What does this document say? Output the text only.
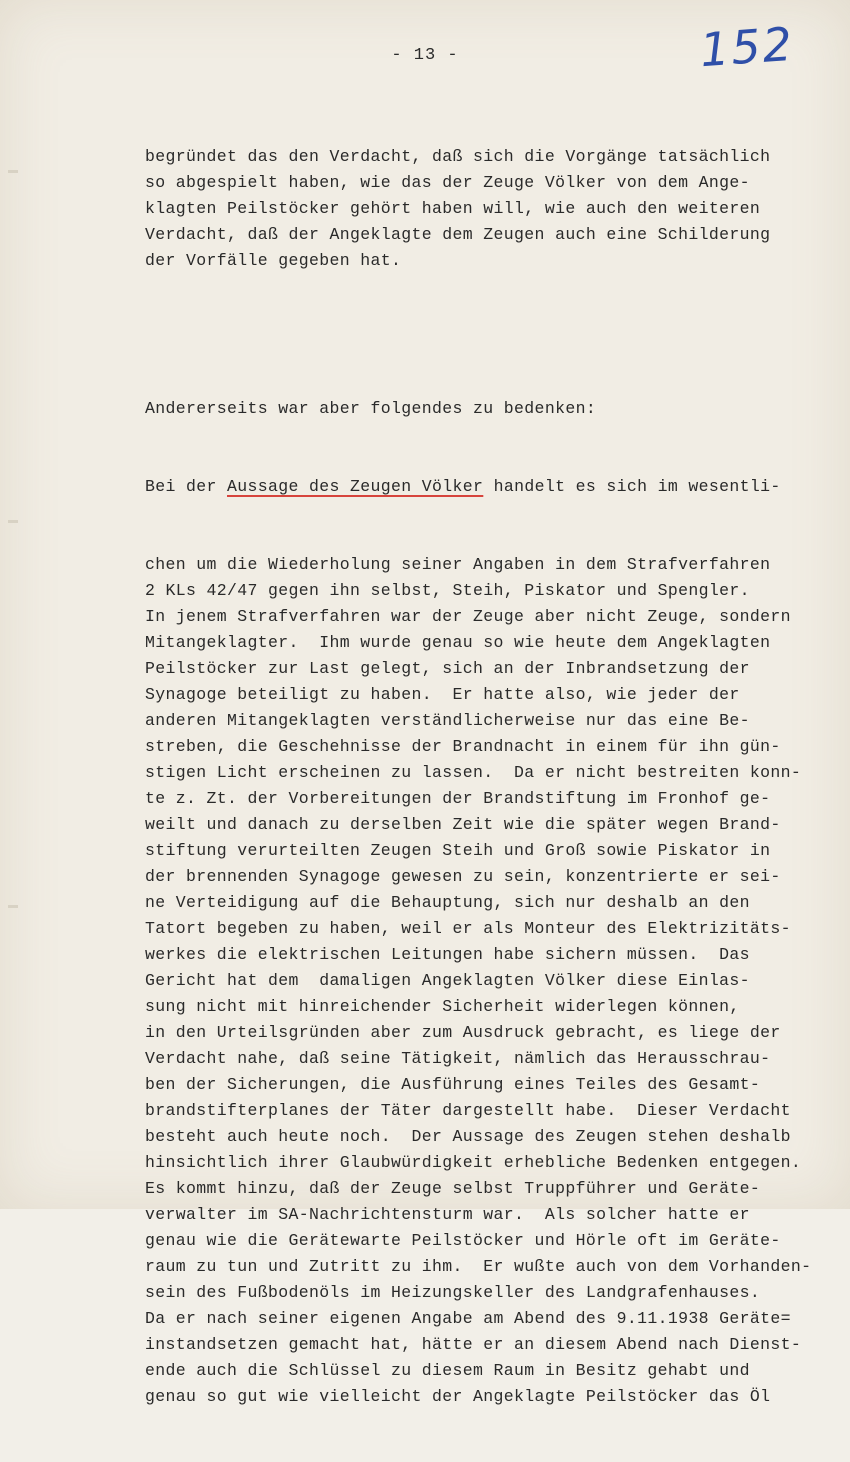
- 13 -	152

begründet das den Verdacht, daß sich die Vorgänge tatsächlich
so abgespielt haben, wie das der Zeuge Völker von dem Ange-
klagten Peilstöcker gehört haben will, wie auch den weiteren
Verdacht, daß der Angeklagte dem Zeugen auch eine Schilderung
der Vorfälle gegeben hat.

Andererseits war aber folgendes zu bedenken:

Bei der Aussage des Zeugen Völker handelt es sich im wesentli-

chen um die Wiederholung seiner Angaben in dem Strafverfahren
2 KLs 42/47 gegen ihn selbst, Steih, Piskator und Spengler.
In jenem Strafverfahren war der Zeuge aber nicht Zeuge, sondern
Mitangeklagter.  Ihm wurde genau so wie heute dem Angeklagten
Peilstöcker zur Last gelegt, sich an der Inbrandsetzung der
Synagoge beteiligt zu haben.  Er hatte also, wie jeder der
anderen Mitangeklagten verständlicherweise nur das eine Be-
streben, die Geschehnisse der Brandnacht in einem für ihn gün-
stigen Licht erscheinen zu lassen.  Da er nicht bestreiten konn-
te z. Zt. der Vorbereitungen der Brandstiftung im Fronhof ge-
weilt und danach zu derselben Zeit wie die später wegen Brand-
stiftung verurteilten Zeugen Steih und Groß sowie Piskator in
der brennenden Synagoge gewesen zu sein, konzentrierte er sei-
ne Verteidigung auf die Behauptung, sich nur deshalb an den
Tatort begeben zu haben, weil er als Monteur des Elektrizitäts-
werkes die elektrischen Leitungen habe sichern müssen.  Das
Gericht hat dem  damaligen Angeklagten Völker diese Einlas-
sung nicht mit hinreichender Sicherheit widerlegen können,
in den Urteilsgründen aber zum Ausdruck gebracht, es liege der
Verdacht nahe, daß seine Tätigkeit, nämlich das Herausschrau-
ben der Sicherungen, die Ausführung eines Teiles des Gesamt-
brandstifterplanes der Täter dargestellt habe.  Dieser Verdacht
besteht auch heute noch.  Der Aussage des Zeugen stehen deshalb
hinsichtlich ihrer Glaubwürdigkeit erhebliche Bedenken entgegen.
Es kommt hinzu, daß der Zeuge selbst Truppführer und Geräte-
verwalter im SA-Nachrichtensturm war.  Als solcher hatte er
genau wie die Gerätewarte Peilstöcker und Hörle oft im Geräte-
raum zu tun und Zutritt zu ihm.  Er wußte auch von dem Vorhanden-
sein des Fußbodenöls im Heizungskeller des Landgrafenhauses.
Da er nach seiner eigenen Angabe am Abend des 9.11.1938 Geräte=
instandsetzen gemacht hat, hätte er an diesem Abend nach Dienst-
ende auch die Schlüssel zu diesem Raum in Besitz gehabt und
genau so gut wie vielleicht der Angeklagte Peilstöcker das Öl
